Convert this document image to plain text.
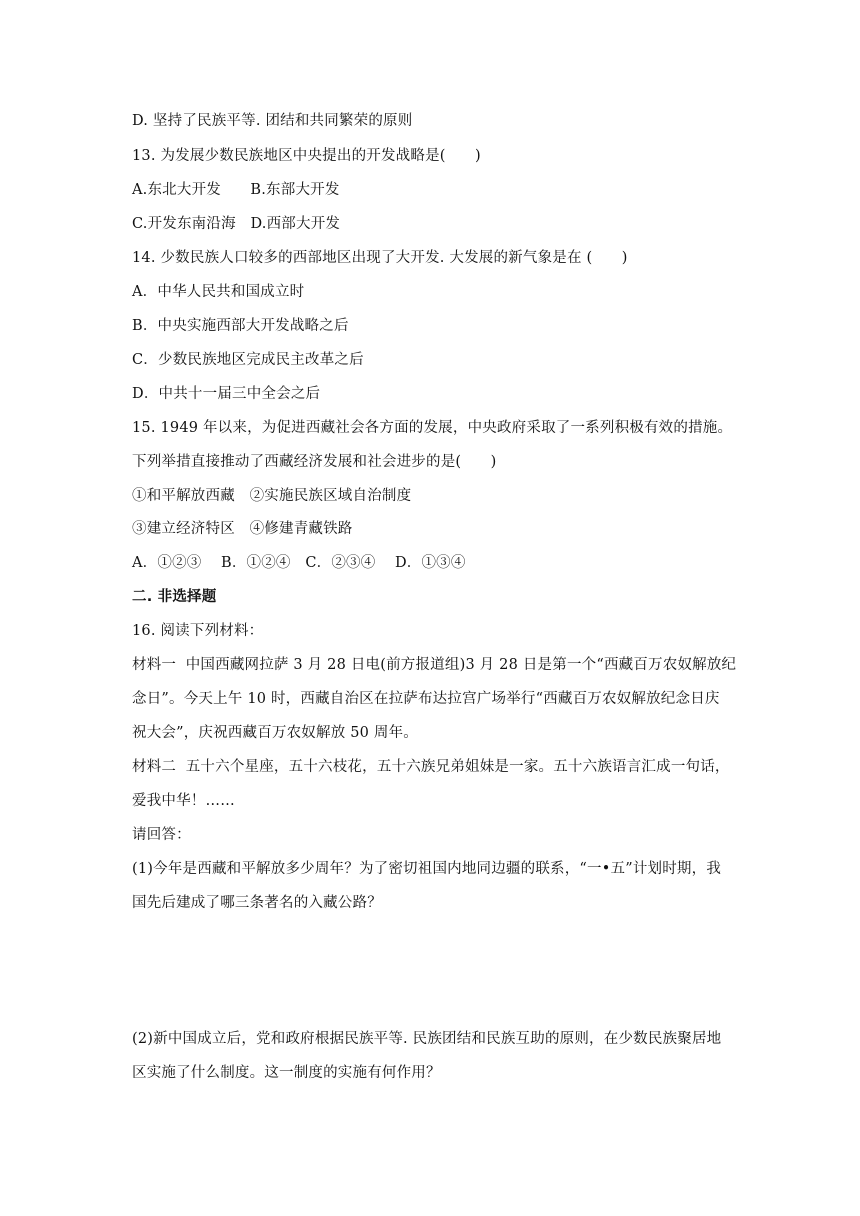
D. 坚持了民族平等. 团结和共同繁荣的原则
13. 为发展少数民族地区中央提出的开发战略是(　　)
A.东北大开发　　B.东部大开发
C.开发东南沿海　D.西部大开发
14. 少数民族人口较多的西部地区出现了大开发. 大发展的新气象是在 (　　)
A．中华人民共和国成立时
B．中央实施西部大开发战略之后
C．少数民族地区完成民主改革之后
D．中共十一届三中全会之后
15. 1949 年以来，为促进西藏社会各方面的发展，中央政府采取了一系列积极有效的措施。
下列举措直接推动了西藏经济发展和社会进步的是(　　)
①和平解放西藏　②实施民族区域自治制度
③建立经济特区　④修建青藏铁路
A．①②③　 B．①②④　C．②③④　 D．①③④
二. 非选择题
16. 阅读下列材料：
材料一  中国西藏网拉萨 3 月 28 日电(前方报道组)3 月 28 日是第一个“西藏百万农奴解放纪
念日”。今天上午 10 时，西藏自治区在拉萨布达拉宫广场举行“西藏百万农奴解放纪念日庆
祝大会”，庆祝西藏百万农奴解放 50 周年。
材料二  五十六个星座，五十六枝花，五十六族兄弟姐妹是一家。五十六族语言汇成一句话，
爱我中华！……
请回答：
(1)今年是西藏和平解放多少周年？为了密切祖国内地同边疆的联系，“一•五”计划时期，我
国先后建成了哪三条著名的入藏公路？
(2)新中国成立后，党和政府根据民族平等. 民族团结和民族互助的原则，在少数民族聚居地
区实施了什么制度。这一制度的实施有何作用？
